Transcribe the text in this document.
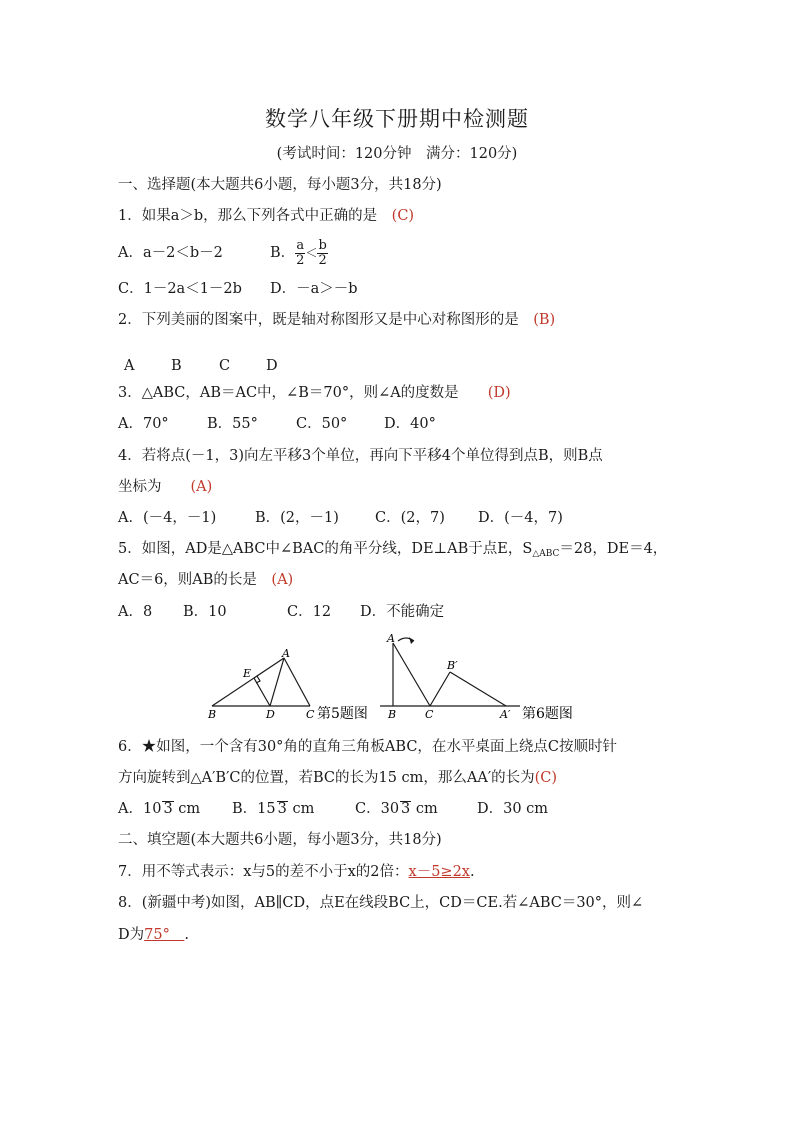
数学八年级下册期中检测题
(考试时间：120分钟　满分：120分)
一、选择题(本大题共6小题，每小题3分，共18分)
1．如果a＞b，那么下列各式中正确的是　(C)
A．a－2＜b－2	B． $\frac{a}{2} < \frac{b}{2}$
C．1－2a＜1－2b D．－a＞－b
2．下列美丽的图案中，既是轴对称图形又是中心对称图形的是　(B)
A	B	C D
3．△ABC，AB＝AC中，∠B＝70°，则∠A的度数是　　(D)
A．70°	B．55°	C．50°	D．40°
4．若将点(－1，3)向左平移3个单位，再向下平移4个单位得到点B，则B点
坐标为　　(A)
A．(－4，－1)	B．(2，－1) C．(2，7) D．(－4，7)
5．如图，AD是△ABC中∠BAC的角平分线，DE⊥AB于点E，$S_{\triangle ABC}=28$，DE＝4，
AC＝6，则AB的长是　(A)
A．8 B．10	C．12 D．不能确定
A
B	C
D
E
第5题图
A
B	C	A′
B′
第6题图
6．★如图，一个含有30°角的直角三角板ABC，在水平桌面上绕点C按顺时针
方向旋转到△A′B′C的位置，若BC的长为15 cm，那么AA′的长为(C)
A．10 3 cm B．15 3 cm	C．30 3 cm	D．30 cm
二、填空题(本大题共6小题，每小题3分，共18分)
7．用不等式表示：x与5的差不小于x的2倍：x－5≥2x.
8．(新疆中考)如图，AB∥CD，点E在线段BC上，CD＝CE.若∠ABC＝30°，则∠
D为75°　.
